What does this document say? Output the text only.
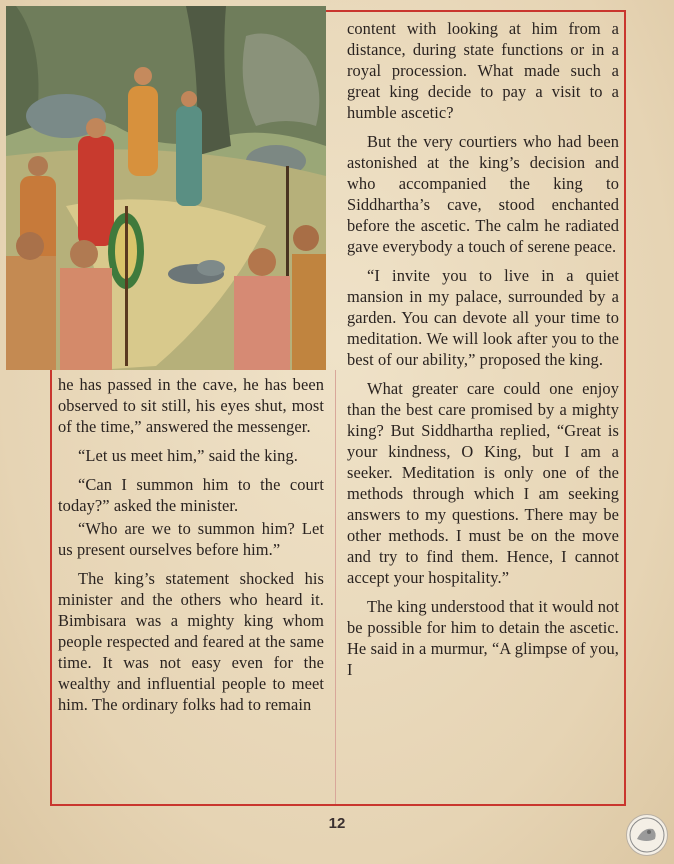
he has passed in the cave, he has been observed to sit still, his eyes shut, most of the time,” answered the messenger.

“Let us meet him,” said the king.

“Can I summon him to the court today?” asked the minister.

“Who are we to summon him? Let us present ourselves before him.”

The king’s statement shocked his minister and the others who heard it. Bimbisara was a mighty king whom people respected and feared at the same time. It was not easy even for the wealthy and influential people to meet him. The ordinary folks had to remain

content with looking at him from a distance, during state functions or in a royal procession. What made such a great king decide to pay a visit to a humble ascetic?

But the very courtiers who had been astonished at the king’s decision and who accompanied the king to Siddhartha’s cave, stood enchanted before the ascetic. The calm he radiated gave everybody a touch of serene peace.

“I invite you to live in a quiet mansion in my palace, surrounded by a garden. You can devote all your time to meditation. We will look after you to the best of our ability,” proposed the king.

What greater care could one enjoy than the best care promised by a mighty king? But Siddhartha replied, “Great is your kindness, O King, but I am a seeker. Meditation is only one of the methods through which I am seeking answers to my questions. There may be other methods. I must be on the move and try to find them. Hence, I cannot accept your hospitality.”

The king understood that it would not be possible for him to detain the ascetic. He said in a murmur, “A glimpse of you, I

12
